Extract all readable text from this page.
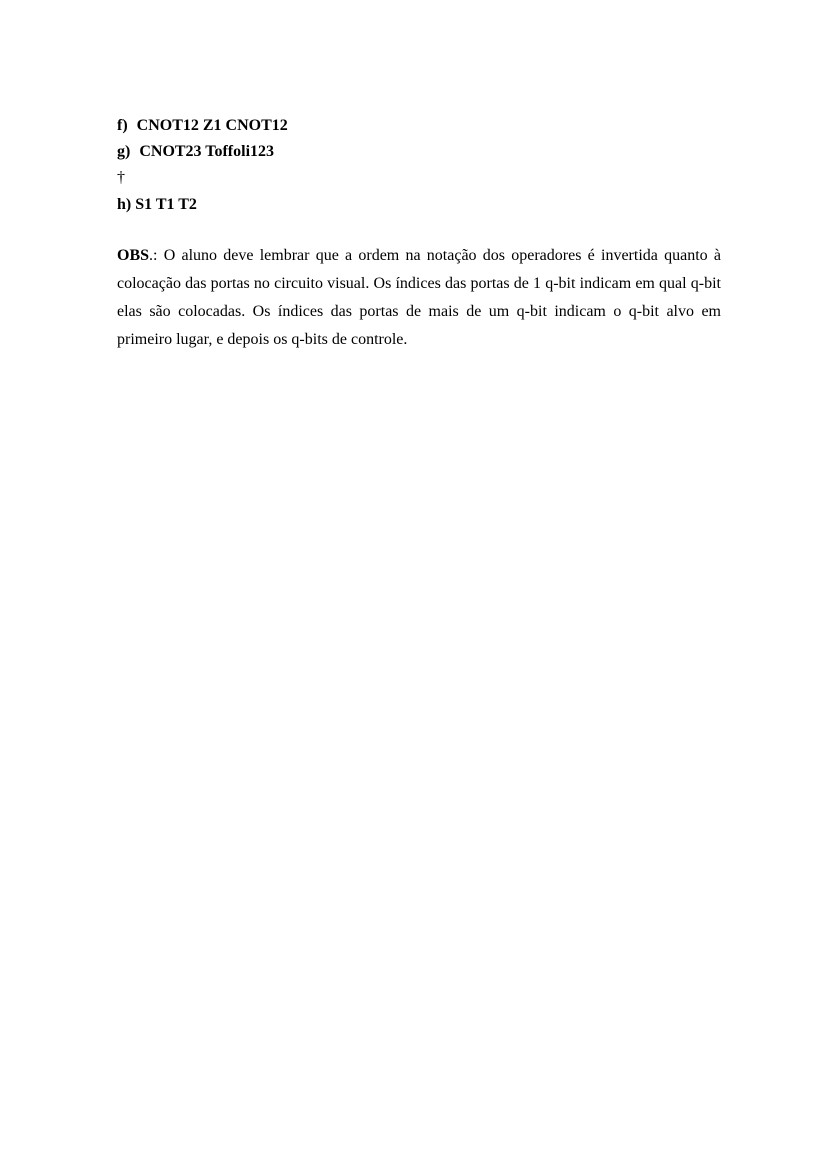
f) CNOT12 Z1 CNOT12
g) CNOT23 Toffoli123
†
h) S1 T1 T2

OBS.: O aluno deve lembrar que a ordem na notação dos operadores é invertida quanto à colocação das portas no circuito visual. Os índices das portas de 1 q-bit indicam em qual q-bit elas são colocadas. Os índices das portas de mais de um q-bit indicam o q-bit alvo em primeiro lugar, e depois os q-bits de controle.
